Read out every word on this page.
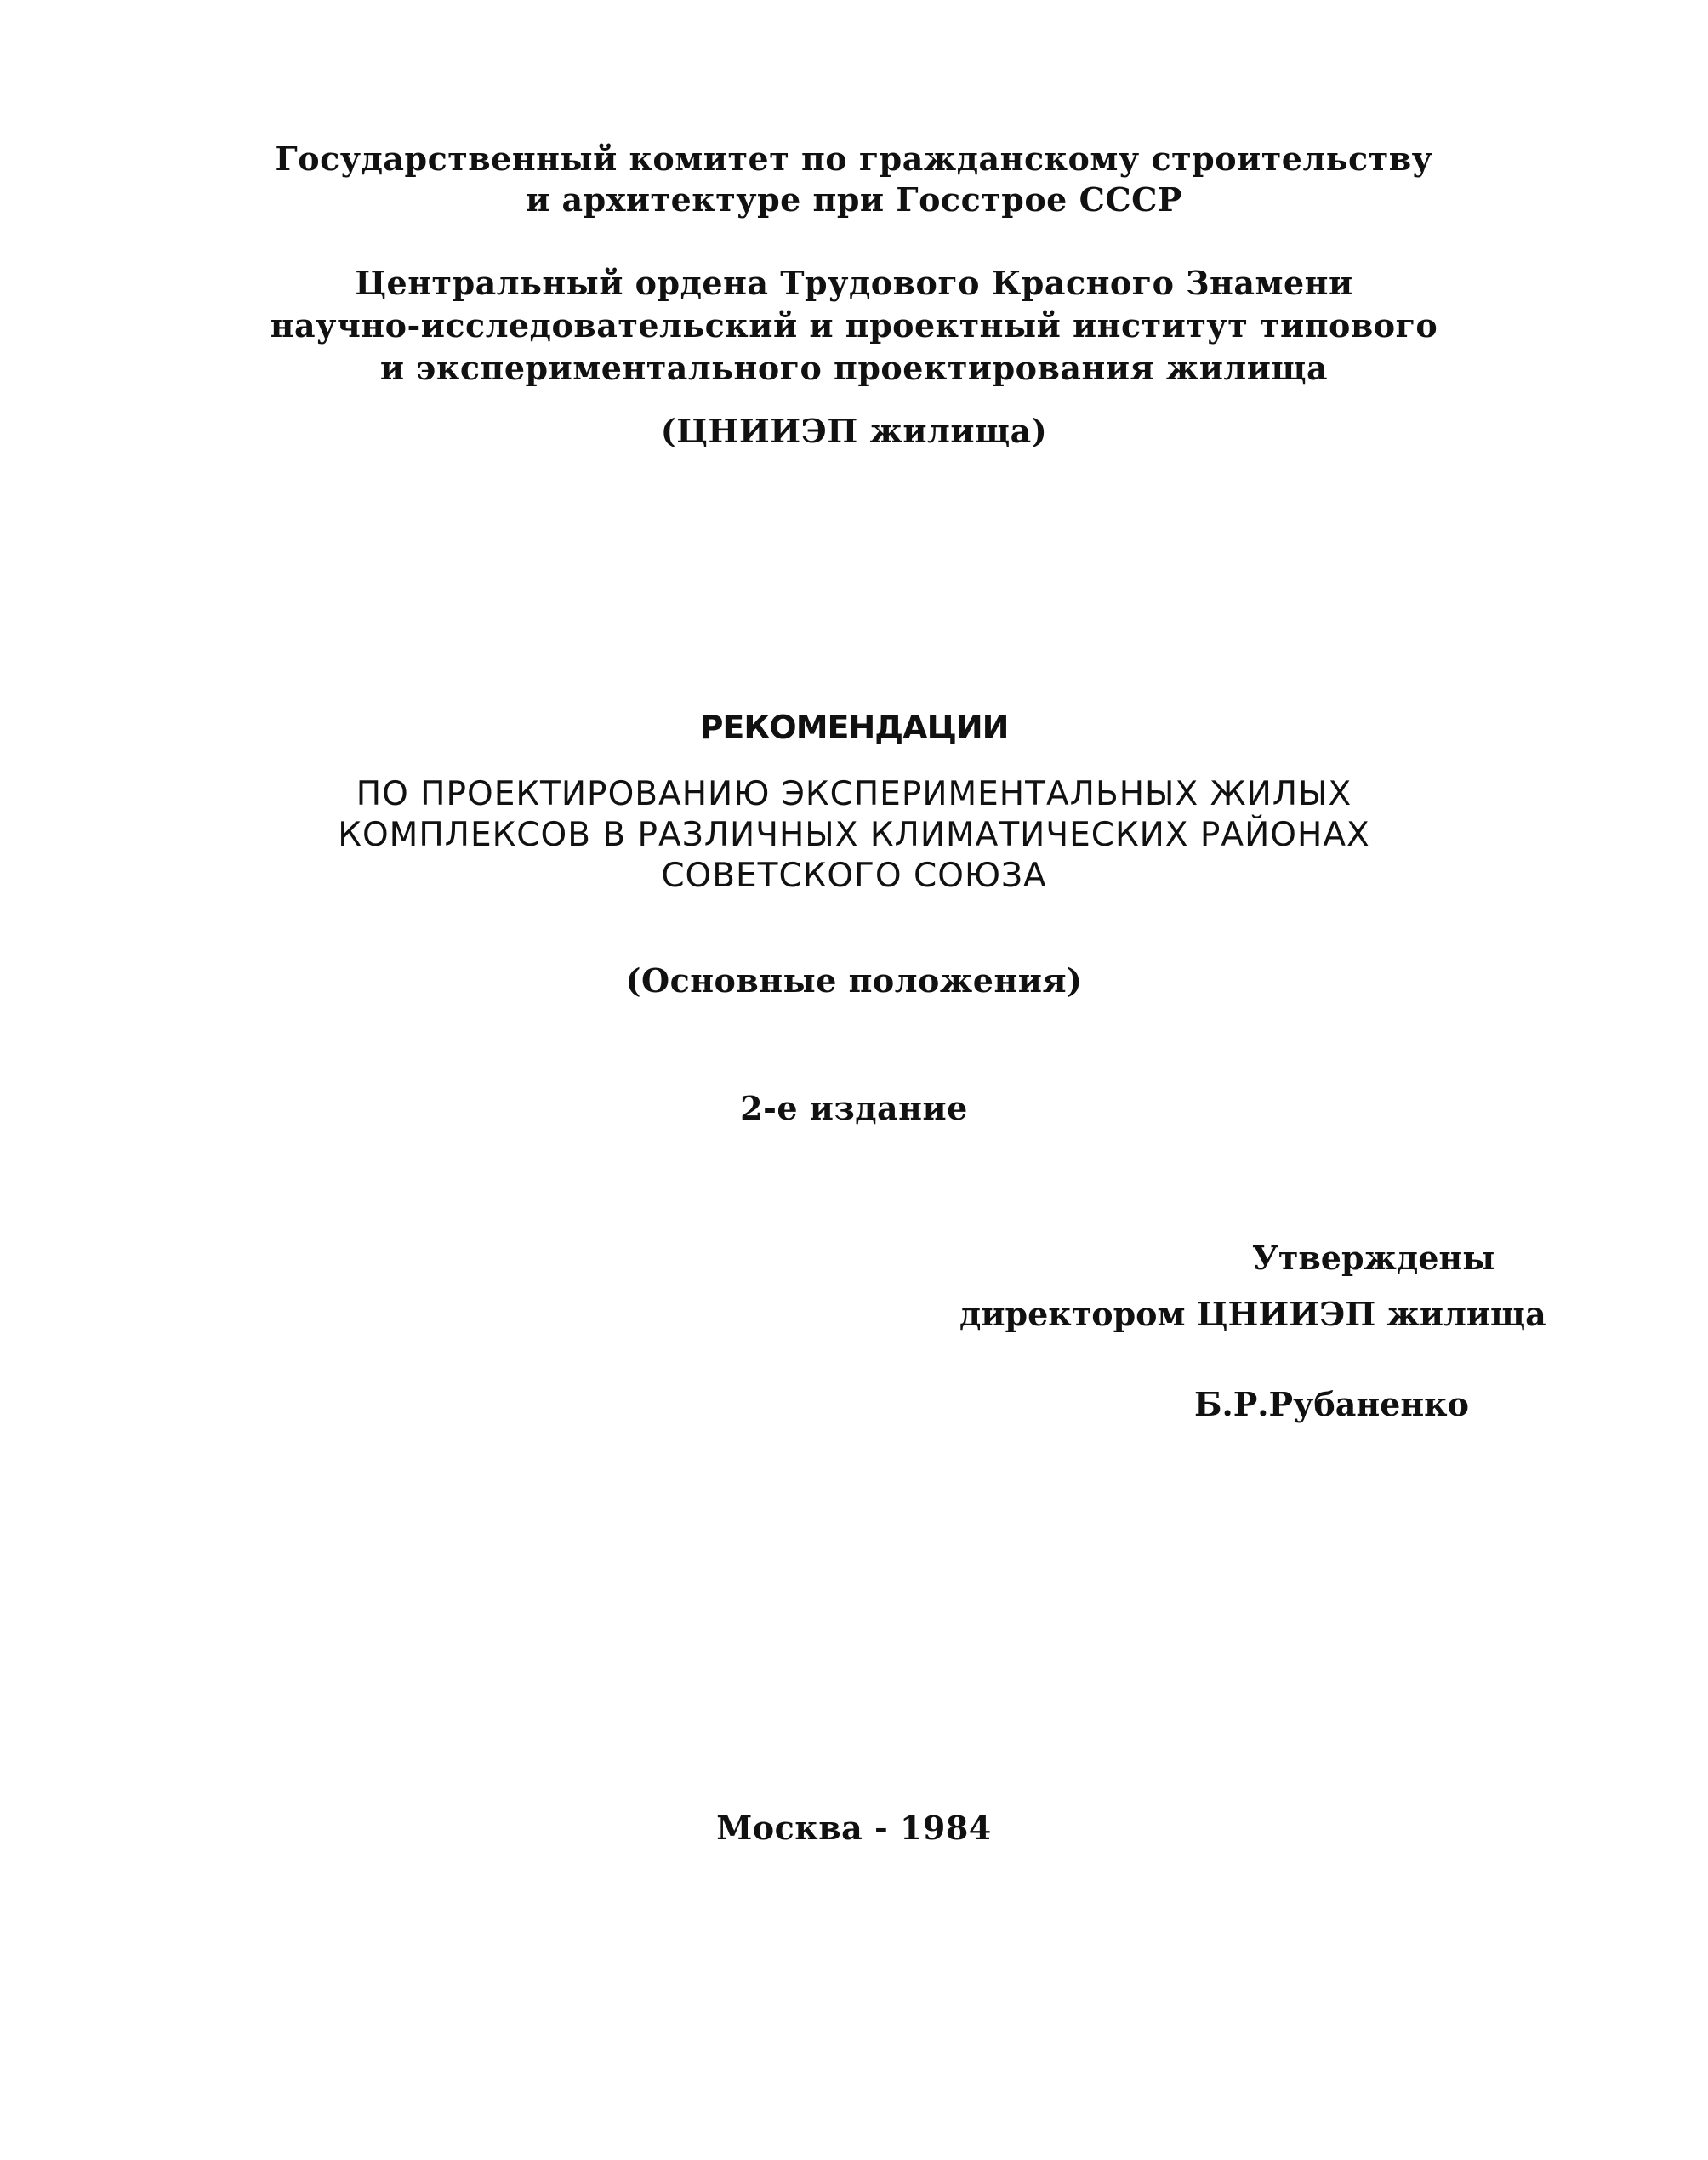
Государственный комитет по гражданскому строительству
и архитектуре при Госстрое СССР
Центральный ордена Трудового Красного Знамени
научно-исследовательский и проектный институт типового
и экспериментального проектирования жилища
(ЦНИИЭП жилища)
РЕКОМЕНДАЦИИ
ПО ПРОЕКТИРОВАНИЮ ЭКСПЕРИМЕНТАЛЬНЫХ ЖИЛЫХ
КОМПЛЕКСОВ В РАЗЛИЧНЫХ КЛИМАТИЧЕСКИХ РАЙОНАХ
СОВЕТСКОГО СОЮЗА
(Основные положения)
2-е издание
Утверждены
директором ЦНИИЭП жилища
Б.Р.Рубаненко
Москва - 1984
